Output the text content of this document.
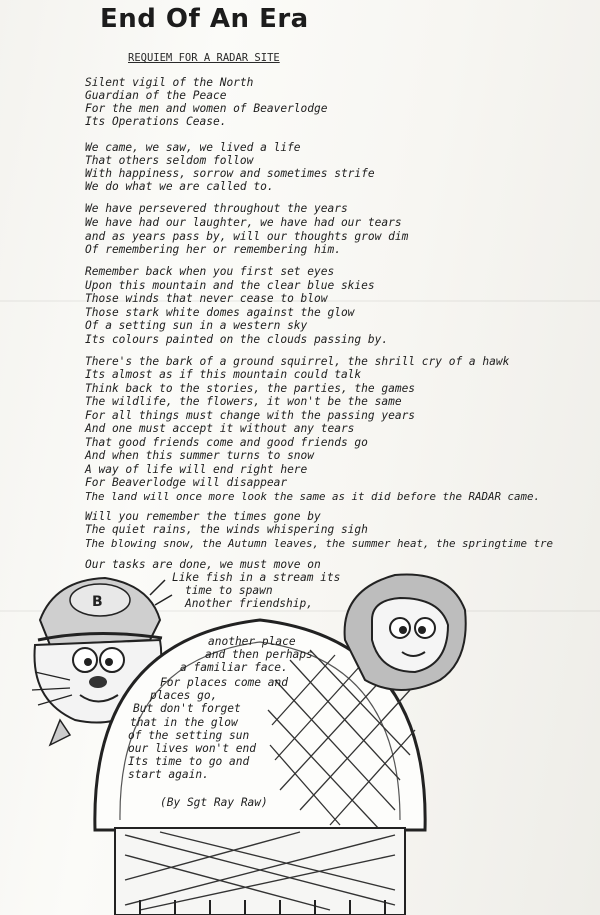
End Of An Era
REQUIEM FOR A RADAR SITE
B
Silent vigil of the North
Guardian of the Peace
For the men and women of Beaverlodge
Its Operations Cease.
We came, we saw, we lived a life
That others seldom follow
With happiness, sorrow and sometimes strife
We do what we are called to.
We have persevered throughout the years
We have had our laughter, we have had our tears
and as years pass by, will our thoughts grow dim
Of remembering her or remembering him.
Remember back when you first set eyes
Upon this mountain and the clear blue skies
Those winds that never cease to blow
Those stark white domes against the glow
Of a setting sun in a western sky
Its colours painted on the clouds passing by.
There's the bark of a ground squirrel, the shrill cry of a hawk
Its almost as if this mountain could talk
Think back to the stories, the parties, the games
The wildlife, the flowers, it won't be the same
For all things must change with the passing years
And one must accept it without any tears
That good friends come and good friends go
And when this summer turns to snow
A way of life will end right here
For Beaverlodge will disappear
The land will once more look the same as it did before the RADAR came.
Will you remember the times gone by
The quiet rains, the winds whispering sigh
The blowing snow, the Autumn leaves, the summer heat, the springtime tre
Our tasks are done, we must move on
Like fish in a stream its
time to spawn
Another friendship,
another place
and then perhaps
a familiar face.
For places come and
places go,
But don't forget
that in the glow
of the setting sun
our lives won't end
Its time to go and
start again.
(By Sgt Ray Raw)
